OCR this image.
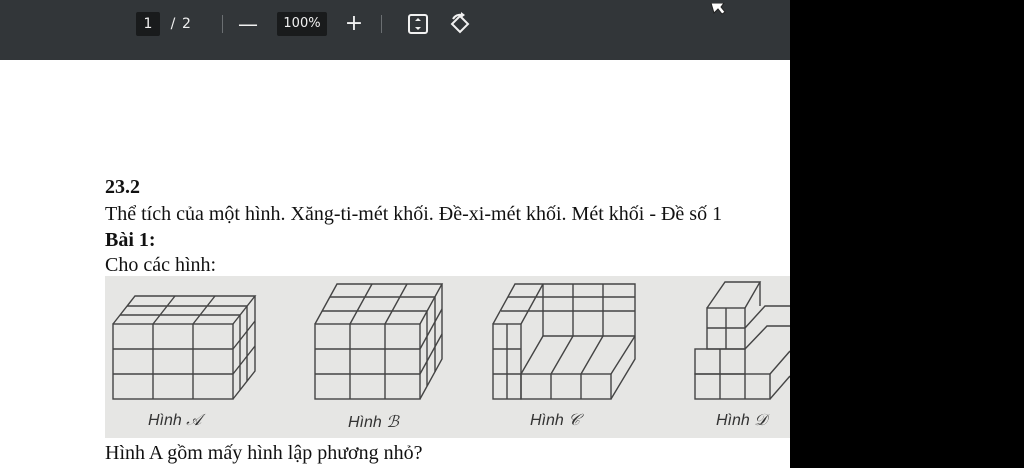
1	/ 2	—	100% +
23.2
Thể tích của một hình. Xăng-ti-mét khối. Đề-xi-mét khối. Mét khối - Đề số 1
Bài 1:
Cho các hình:
Hình 𝒜	Hình ℬ	Hình 𝒞	Hình 𝒟
Hình A gồm mấy hình lập phương nhỏ?
